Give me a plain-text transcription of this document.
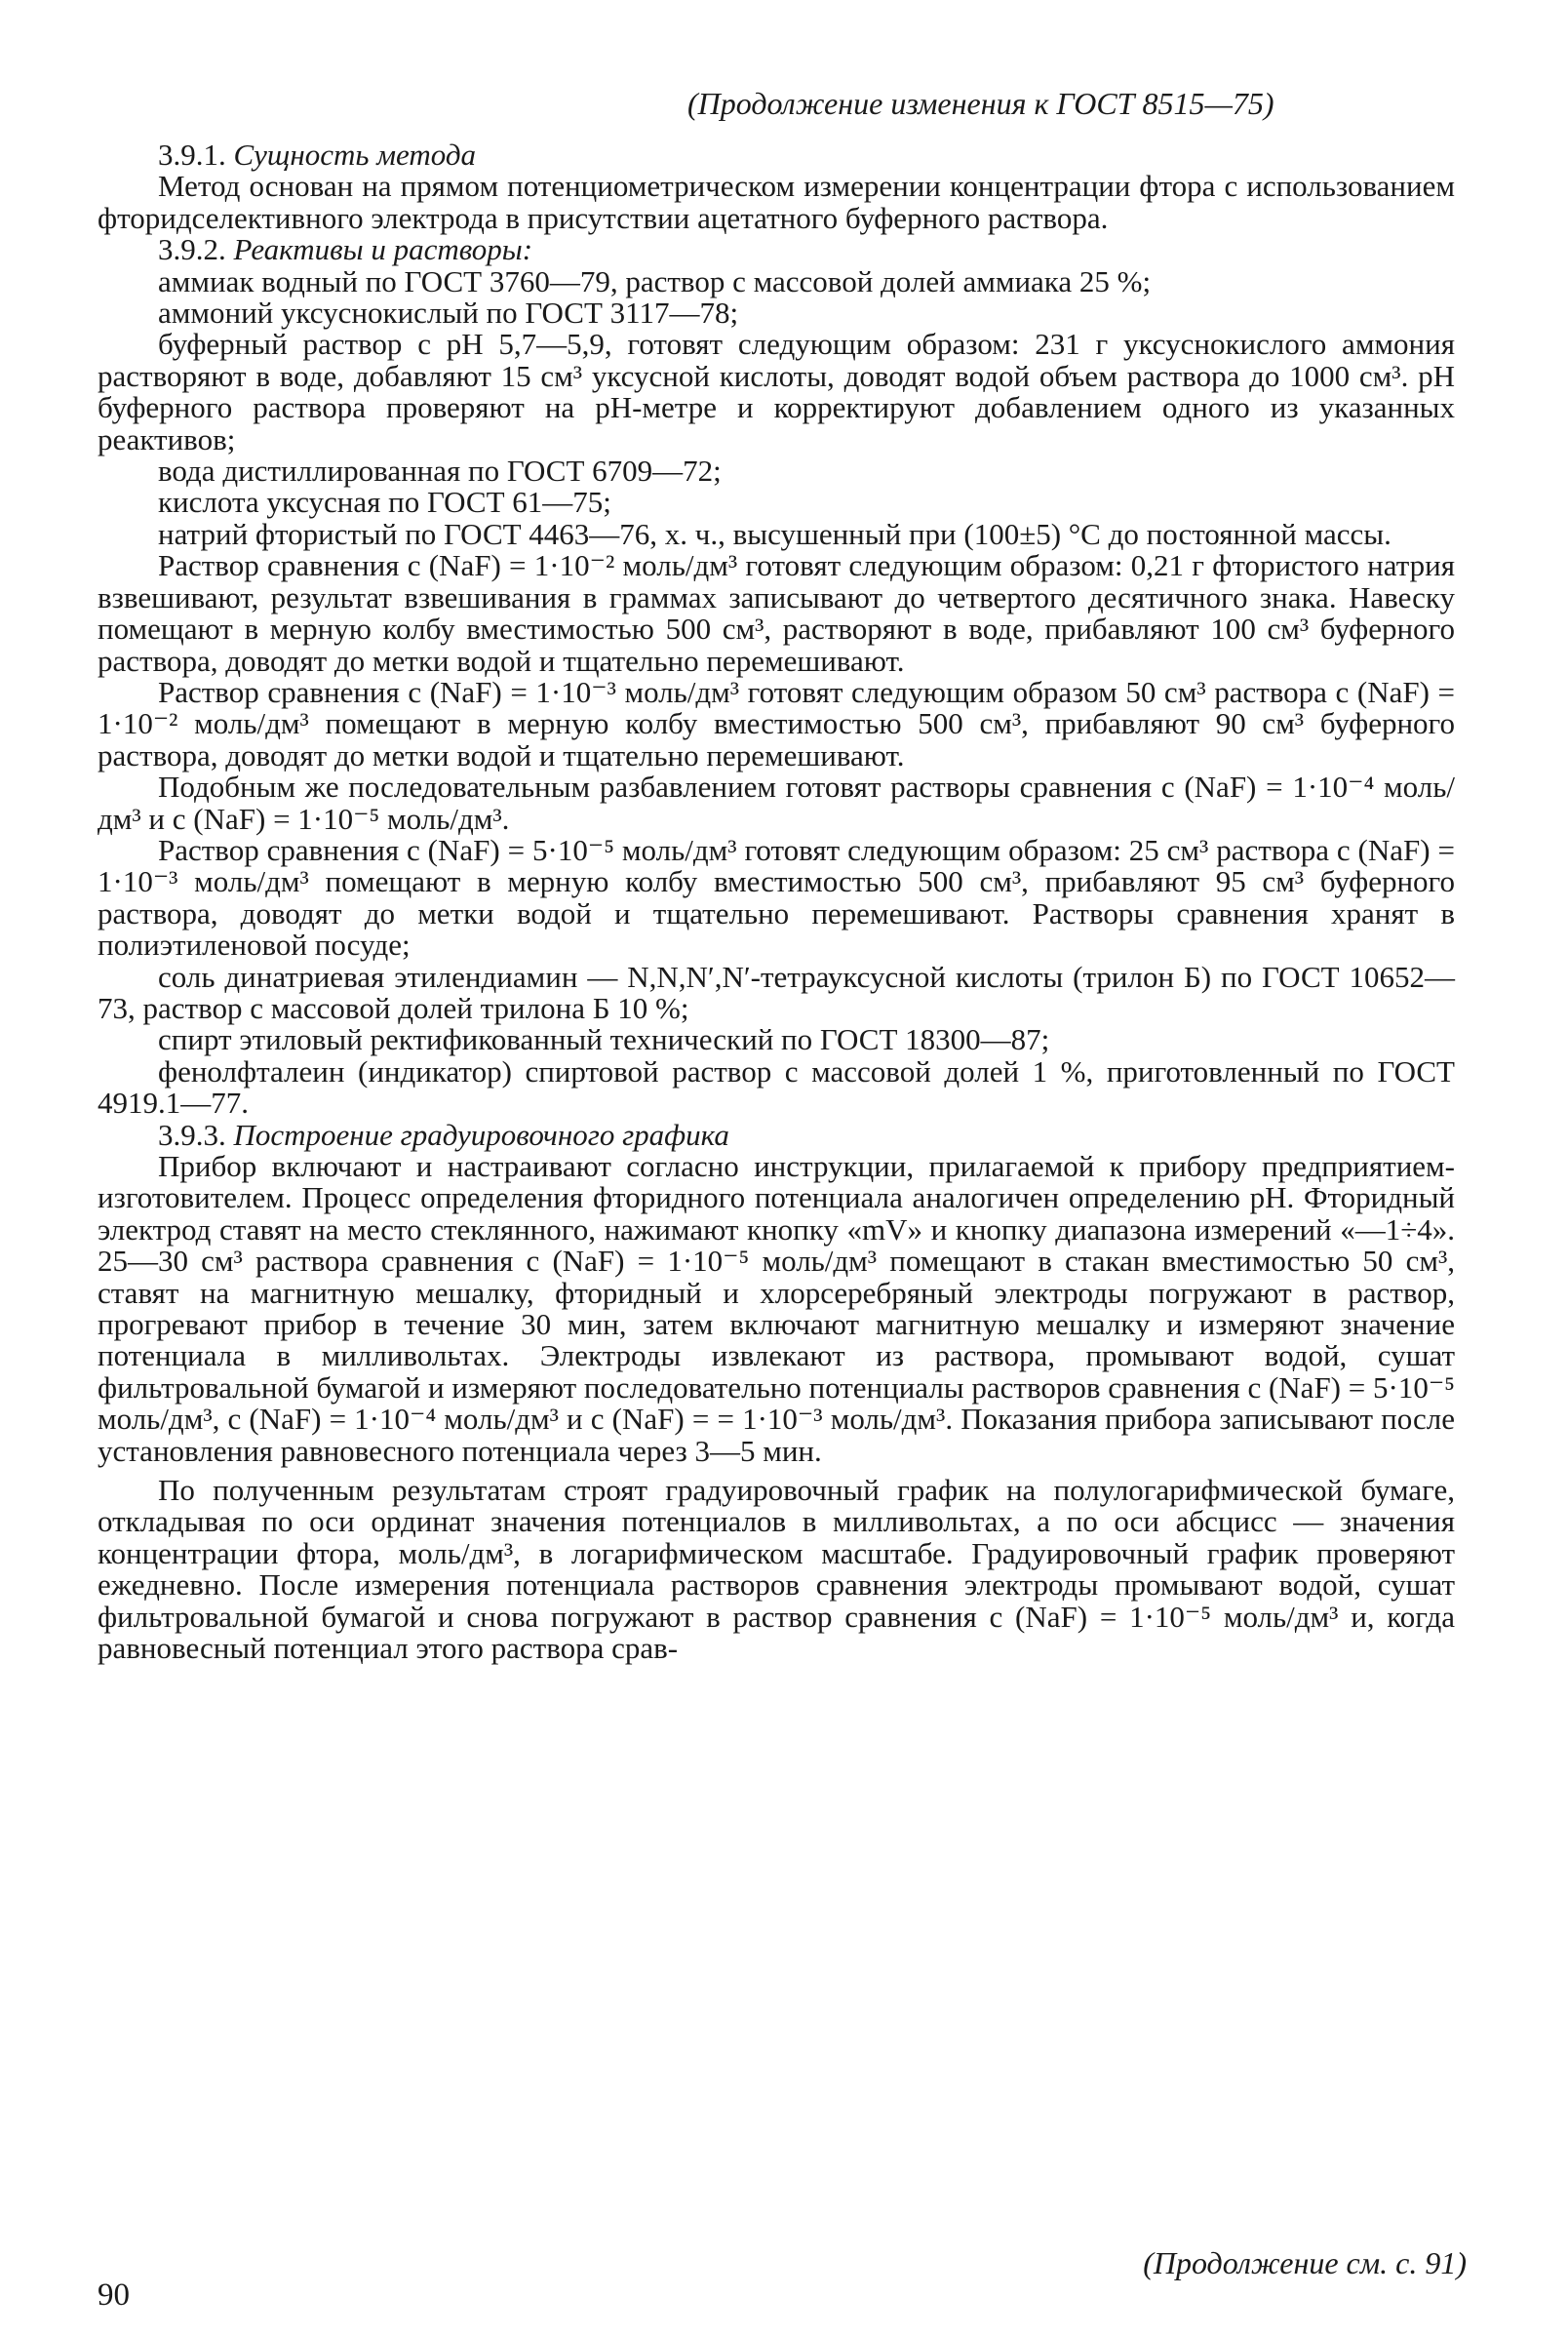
(Продолжение изменения к ГОСТ 8515—75)

3.9.1. Сущность метода

Метод основан на прямом потенциометрическом измерении концентрации фтора с использованием фторидселективного электрода в присутствии ацетатного буферного раствора.

3.9.2. Реактивы и растворы:

аммиак водный по ГОСТ 3760—79, раствор с массовой долей аммиака 25 %;

аммоний уксуснокислый по ГОСТ 3117—78;

буферный раствор с pH 5,7—5,9, готовят следующим образом: 231 г уксуснокислого аммония растворяют в воде, добавляют 15 см³ уксусной кислоты, доводят водой объем раствора до 1000 см³. pH буферного раствора проверяют на pH-метре и корректируют добавлением одного из указанных реактивов;

вода дистиллированная по ГОСТ 6709—72;

кислота уксусная по ГОСТ 61—75;

натрий фтористый по ГОСТ 4463—76, х. ч., высушенный при (100±5) °С до постоянной массы.

Раствор сравнения c (NaF) = 1·10⁻² моль/дм³ готовят следующим образом: 0,21 г фтористого натрия взвешивают, результат взвешивания в граммах записывают до четвертого десятичного знака. Навеску помещают в мерную колбу вместимостью 500 см³, растворяют в воде, прибавляют 100 см³ буферного раствора, доводят до метки водой и тщательно перемешивают.

Раствор сравнения c (NaF) = 1·10⁻³ моль/дм³ готовят следующим образом 50 см³ раствора c (NaF) = 1·10⁻² моль/дм³ помещают в мерную колбу вместимостью 500 см³, прибавляют 90 см³ буферного раствора, доводят до метки водой и тщательно перемешивают.

Подобным же последовательным разбавлением готовят растворы сравнения c (NaF) = 1·10⁻⁴ моль/дм³ и c (NaF) = 1·10⁻⁵ моль/дм³.

Раствор сравнения c (NaF) = 5·10⁻⁵ моль/дм³ готовят следующим образом: 25 см³ раствора c (NaF) = 1·10⁻³ моль/дм³ помещают в мерную колбу вместимостью 500 см³, прибавляют 95 см³ буферного раствора, доводят до метки водой и тщательно перемешивают. Растворы сравнения хранят в полиэтиленовой посуде;

соль динатриевая этилендиамин — N,N,N′,N′-тетрауксусной кислоты (трилон Б) по ГОСТ 10652—73, раствор с массовой долей трилона Б 10 %;

спирт этиловый ректификованный технический по ГОСТ 18300—87;

фенолфталеин (индикатор) спиртовой раствор с массовой долей 1 %, приготовленный по ГОСТ 4919.1—77.

3.9.3. Построение градуировочного графика

Прибор включают и настраивают согласно инструкции, прилагаемой к прибору предприятием-изготовителем. Процесс определения фторидного потенциала аналогичен определению pH. Фторидный электрод ставят на место стеклянного, нажимают кнопку «mV» и кнопку диапазона измерений «—1÷4». 25—30 см³ раствора сравнения c (NaF) = 1·10⁻⁵ моль/дм³ помещают в стакан вместимостью 50 см³, ставят на магнитную мешалку, фторидный и хлорсеребряный электроды погружают в раствор, прогревают прибор в течение 30 мин, затем включают магнитную мешалку и измеряют значение потенциала в милливольтах. Электроды извлекают из раствора, промывают водой, сушат фильтровальной бумагой и измеряют последовательно потенциалы растворов сравнения c (NaF) = 5·10⁻⁵ моль/дм³, c (NaF) = 1·10⁻⁴ моль/дм³ и c (NaF) = = 1·10⁻³ моль/дм³. Показания прибора записывают после установления равновесного потенциала через 3—5 мин.

По полученным результатам строят градуировочный график на полулогарифмической бумаге, откладывая по оси ординат значения потенциалов в милливольтах, а по оси абсцисс — значения концентрации фтора, моль/дм³, в логарифмическом масштабе. Градуировочный график проверяют ежедневно. После измерения потенциала растворов сравнения электроды промывают водой, сушат фильтровальной бумагой и снова погружают в раствор сравнения c (NaF) = 1·10⁻⁵ моль/дм³ и, когда равновесный потенциал этого раствора срав-

(Продолжение см. с. 91)
90
